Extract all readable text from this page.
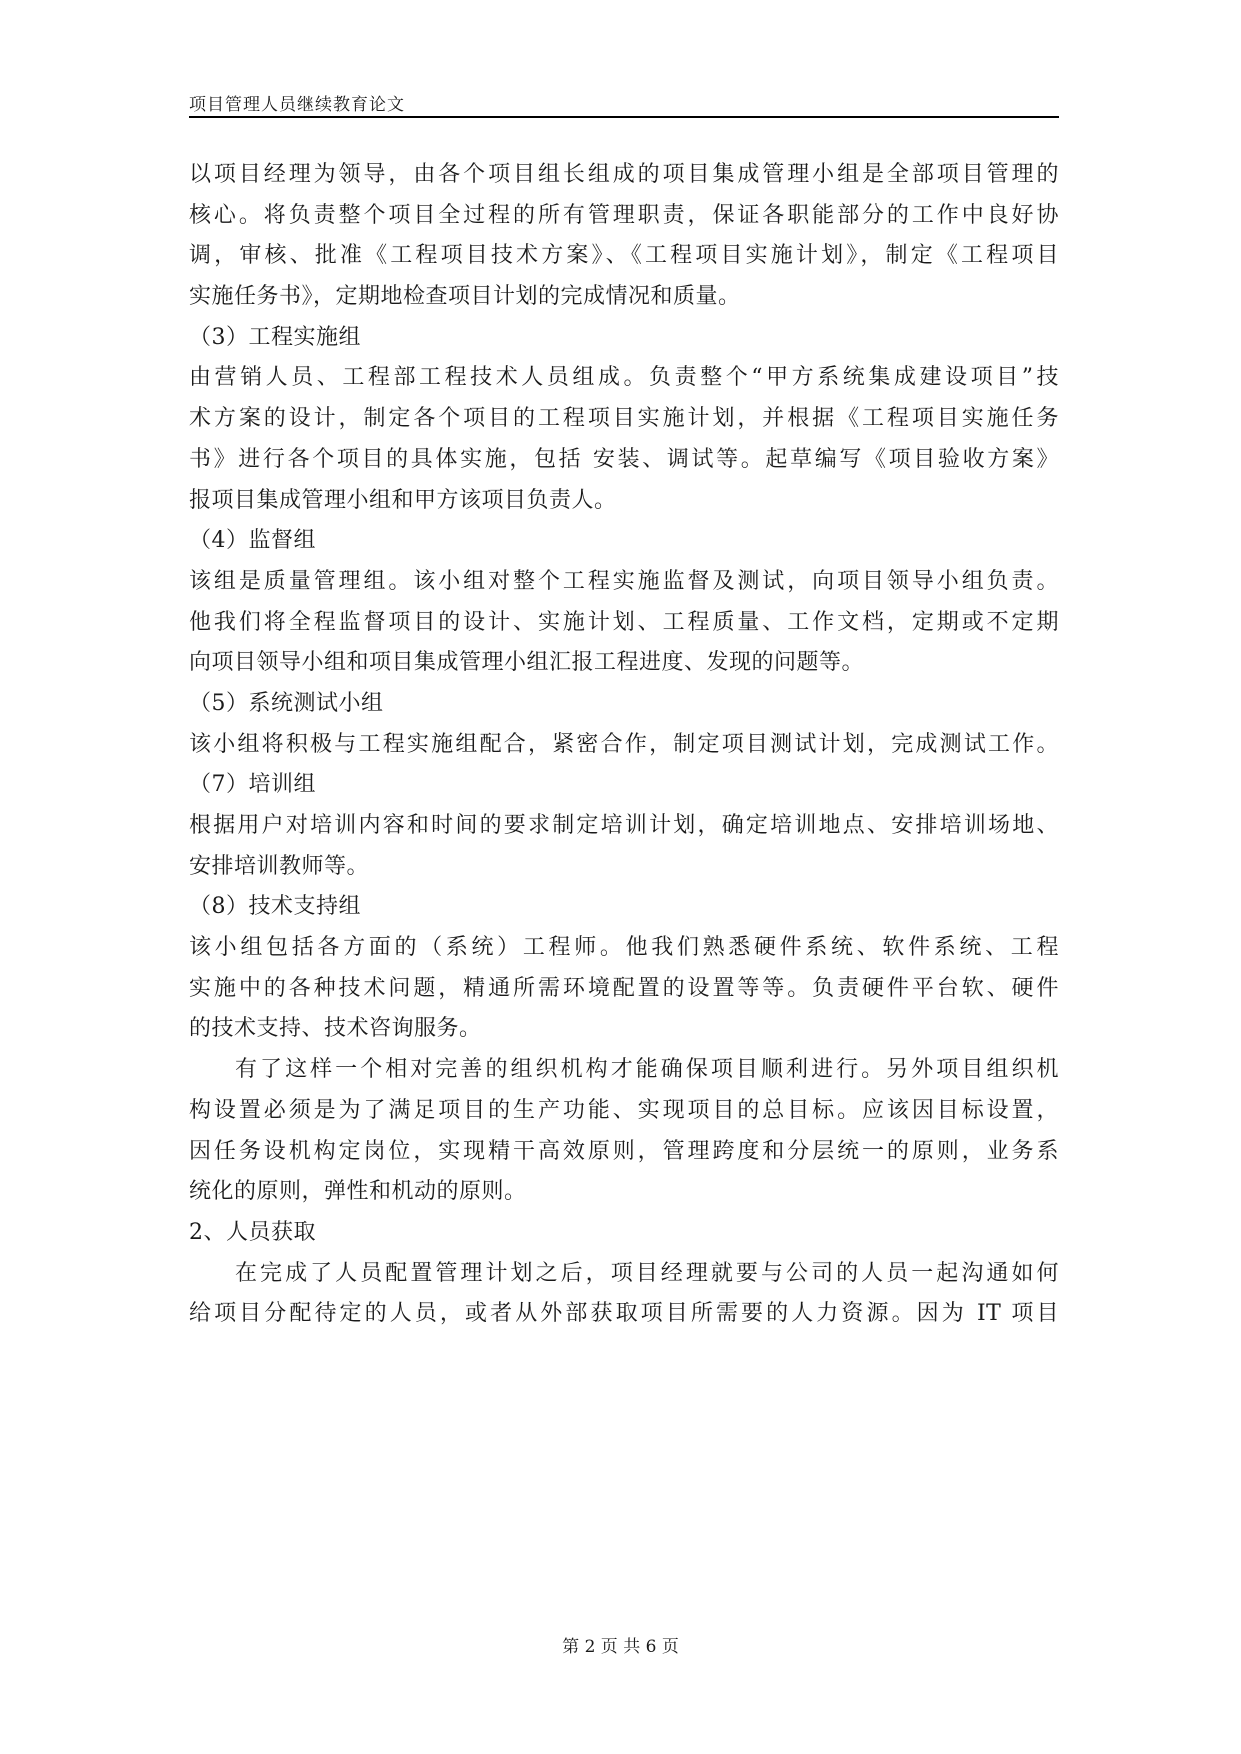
项目管理人员继续教育论文
以项目经理为领导，由各个项目组长组成的项目集成管理小组是全部项目管理的
核心。将负责整个项目全过程的所有管理职责，保证各职能部分的工作中良好协
调，审核、批准《工程项目技术方案》、《工程项目实施计划》，制定《工程项目
实施任务书》，定期地检查项目计划的完成情况和质量。
（3）工程实施组
由营销人员、工程部工程技术人员组成。负责整个“甲方系统集成建设项目”技
术方案的设计，制定各个项目的工程项目实施计划，并根据《工程项目实施任务
书》进行各个项目的具体实施，包括 安装、调试等。起草编写《项目验收方案》
报项目集成管理小组和甲方该项目负责人。
（4）监督组
该组是质量管理组。该小组对整个工程实施监督及测试，向项目领导小组负责。
他我们将全程监督项目的设计、实施计划、工程质量、工作文档，定期或不定期
向项目领导小组和项目集成管理小组汇报工程进度、发现的问题等。
（5）系统测试小组
该小组将积极与工程实施组配合，紧密合作，制定项目测试计划，完成测试工作。
（7）培训组
根据用户对培训内容和时间的要求制定培训计划，确定培训地点、安排培训场地、
安排培训教师等。
（8）技术支持组
该小组包括各方面的（系统）工程师。他我们熟悉硬件系统、软件系统、工程
实施中的各种技术问题，精通所需环境配置的设置等等。负责硬件平台软、硬件
的技术支持、技术咨询服务。
有了这样一个相对完善的组织机构才能确保项目顺利进行。另外项目组织机
构设置必须是为了满足项目的生产功能、实现项目的总目标。应该因目标设置，
因任务设机构定岗位，实现精干高效原则，管理跨度和分层统一的原则，业务系
统化的原则，弹性和机动的原则。
2、人员获取
在完成了人员配置管理计划之后，项目经理就要与公司的人员一起沟通如何
给项目分配待定的人员，或者从外部获取项目所需要的人力资源。因为 IT 项目
第 2 页 共 6 页
